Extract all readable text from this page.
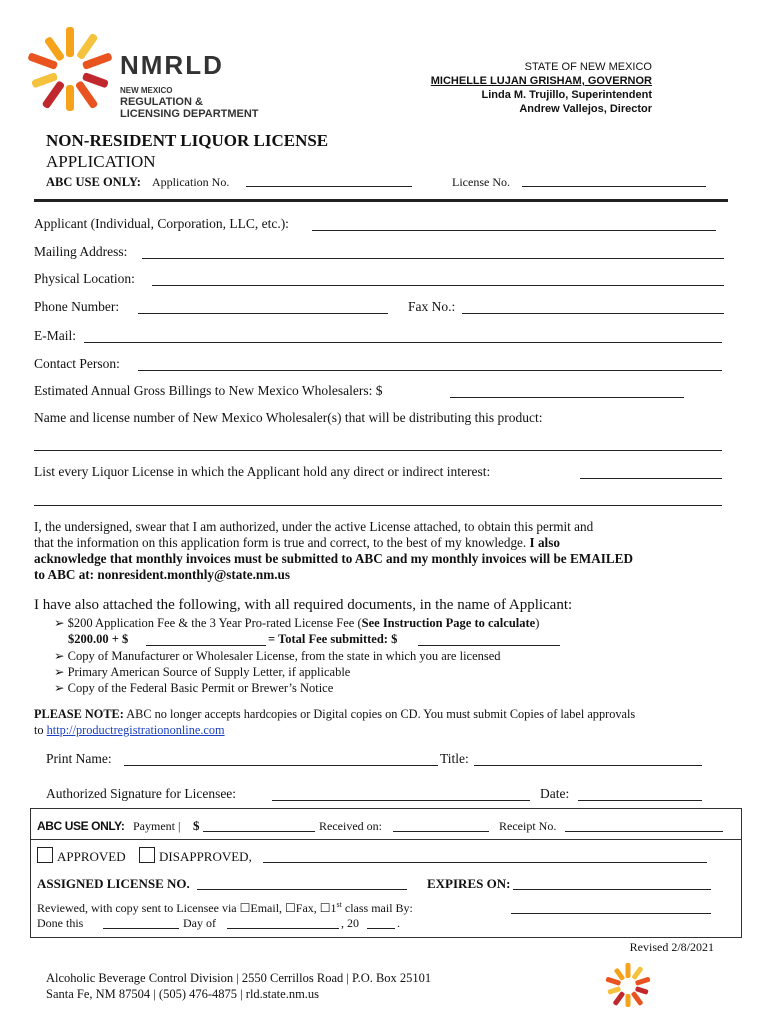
NMRLD
NEW MEXICO
REGULATION &
LICENSING DEPARTMENT
STATE OF NEW MEXICO
MICHELLE LUJAN GRISHAM, GOVERNOR
Linda M. Trujillo, Superintendent
Andrew Vallejos, Director
NON-RESIDENT LIQUOR LICENSE
APPLICATION
ABC USE ONLY: Application No.	License No.
Applicant (Individual, Corporation, LLC, etc.):
Mailing Address:
Physical Location:
Phone Number:	Fax No.:
E-Mail:
Contact Person:
Estimated Annual Gross Billings to New Mexico Wholesalers: $
Name and license number of New Mexico Wholesaler(s) that will be distributing this product:
List every Liquor License in which the Applicant hold any direct or indirect interest:
I, the undersigned, swear that I am authorized, under the active License attached, to obtain this permit and
that the information on this application form is true and correct, to the best of my knowledge. I also
acknowledge that monthly invoices must be submitted to ABC and my monthly invoices will be EMAILED
to ABC at: nonresident.monthly@state.nm.us
I have also attached the following, with all required documents, in the name of Applicant:
➢ $200 Application Fee & the 3 Year Pro-rated License Fee (See Instruction Page to calculate)
$200.00 + $	= Total Fee submitted: $
➢ Copy of Manufacturer or Wholesaler License, from the state in which you are licensed
➢ Primary American Source of Supply Letter, if applicable
➢ Copy of the Federal Basic Permit or Brewer’s Notice
PLEASE NOTE: ABC no longer accepts hardcopies or Digital copies on CD. You must submit Copies of label approvals
to http://productregistrationonline.com
Print Name:	Title:
Authorized Signature for Licensee:	Date:
ABC USE ONLY: Payment | $	Received on:	Receipt No.
APPROVED	DISAPPROVED,
ASSIGNED LICENSE NO.	EXPIRES ON:
Reviewed, with copy sent to Licensee via ☐Email, ☐Fax, ☐1st class mail By:
Done this	Day of	, 20	.
Revised 2/8/2021
Alcoholic Beverage Control Division | 2550 Cerrillos Road | P.O. Box 25101
Santa Fe, NM 87504 | (505) 476-4875 | rld.state.nm.us
